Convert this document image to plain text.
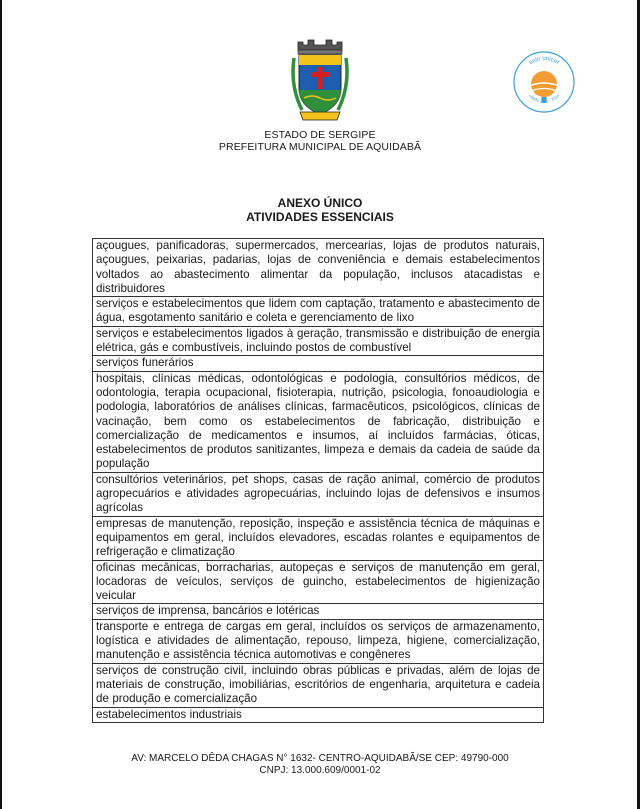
selo unicef
edição 2021 - 2024
ESTADO DE SERGIPE
PREFEITURA MUNICIPAL DE AQUIDABÃ
ANEXO ÚNICO
ATIVIDADES ESSENCIAIS
açougues, panificadoras, supermercados, mercearias, lojas de produtos naturais, açougues, peixarias, padarias, lojas de conveniência e demais estabelecimentos voltados ao abastecimento alimentar da população, inclusos atacadistas e distribuidores
serviços e estabelecimentos que lidem com captação, tratamento e abastecimento de água, esgotamento sanitário e coleta e gerenciamento de lixo
serviços e estabelecimentos ligados à geração, transmissão e distribuição de energia elétrica, gás e combustíveis, incluindo postos de combustível
serviços funerários
hospitais, clínicas médicas, odontológicas e podologia, consultórios médicos, de odontologia, terapia ocupacional, fisioterapia, nutrição, psicologia, fonoaudiologia e podologia, laboratórios de análises clínicas, farmacêuticos, psicológicos, clínicas de vacinação, bem como os estabelecimentos de fabricação, distribuição e comercialização de medicamentos e insumos, aí incluídos farmácias, óticas, estabelecimentos de produtos sanitizantes, limpeza e demais da cadeia de saúde da população
consultórios veterinários, pet shops, casas de ração animal, comércio de produtos agropecuários e atividades agropecuárias, incluindo lojas de defensivos e insumos agrícolas
empresas de manutenção, reposição, inspeção e assistência técnica de máquinas e equipamentos em geral, incluídos elevadores, escadas rolantes e equipamentos de refrigeração e climatização
oficinas mecânicas, borracharias, autopeças e serviços de manutenção em geral, locadoras de veículos, serviços de guincho, estabelecimentos de higienização veicular
serviços de imprensa, bancários e lotéricas
transporte e entrega de cargas em geral, incluídos os serviços de armazenamento, logística e atividades de alimentação, repouso, limpeza, higiene, comercialização, manutenção e assistência técnica automotivas e congêneres
serviços de construção civil, incluindo obras públicas e privadas, além de lojas de materiais de construção, imobiliárias, escritórios de engenharia, arquitetura e cadeia de produção e comercialização
estabelecimentos industriais
AV: MARCELO DÊDA CHAGAS N° 1632- CENTRO-AQUIDABÃ/SE CEP: 49790-000
CNPJ: 13.000.609/0001-02
